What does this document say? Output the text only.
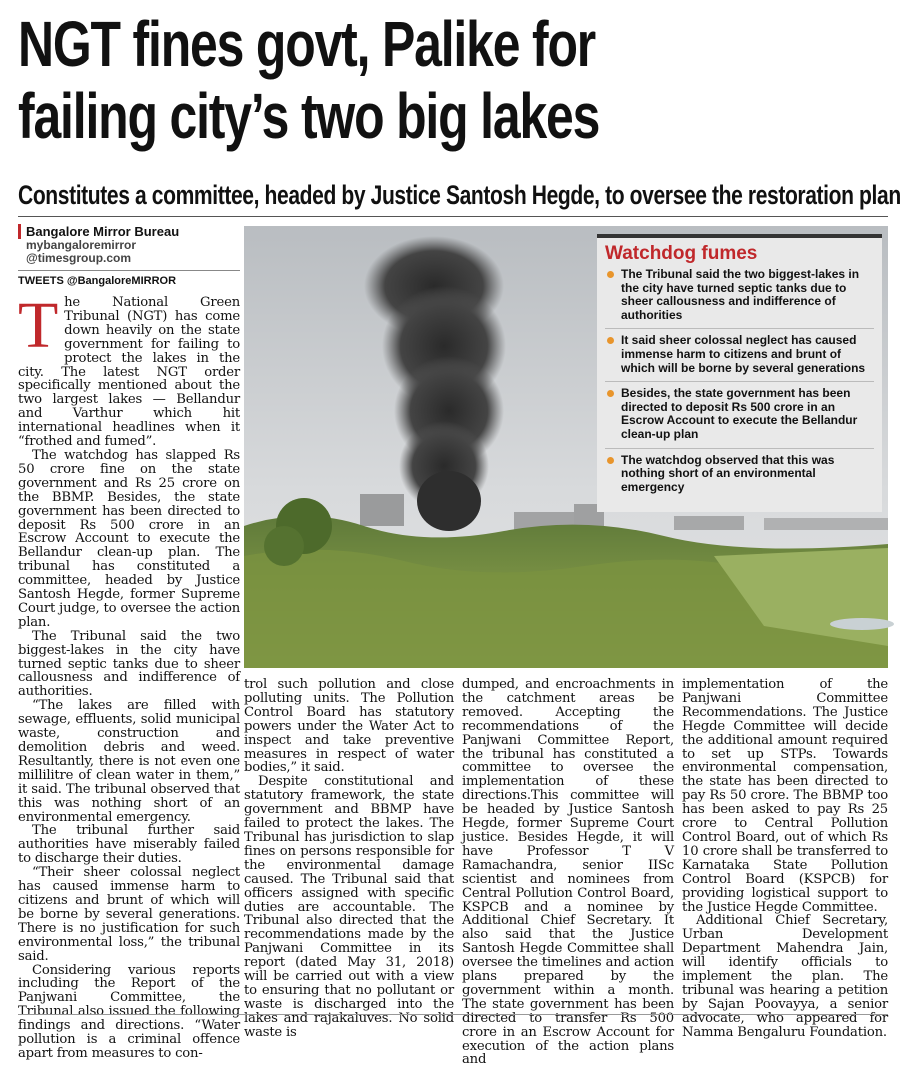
NGT fines govt, Palike for
failing city’s two big lakes
Constitutes a committee, headed by Justice Santosh Hegde, to oversee the restoration plan
Bangalore Mirror Bureau
mybangaloremirror
@timesgroup.com
TWEETS @BangaloreMIRROR

The National Green Tribunal (NGT) has come down heavily on the state government for failing to protect the lakes in the city. The latest NGT order specifically mentioned about the two largest lakes — Bellandur and Varthur which hit international headlines when it “frothed and fumed”.

The watchdog has slapped Rs 50 crore fine on the state government and Rs 25 crore on the BBMP. Besides, the state government has been directed to deposit Rs 500 crore in an Escrow Account to execute the Bellandur clean-up plan. The tribunal has constituted a committee, headed by Justice Santosh Hegde, former Supreme Court judge, to oversee the action plan.

The Tribunal said the two biggest-lakes in the city have turned septic tanks due to sheer callousness and indifference of authorities.

“The lakes are filled with sewage, effluents, solid municipal waste, construction and demolition debris and weed. Resultantly, there is not even one millilitre of clean water in them,” it said. The tribunal observed that this was nothing short of an environmental emergency.

The tribunal further said authorities have miserably failed to discharge their duties.

“Their sheer colossal neglect has caused immense harm to citizens and brunt of which will be borne by several generations. There is no justification for such environmental loss,” the tribunal said.

Considering various reports including the Report of the Panjwani Committee, the Tribunal also issued the following findings and directions. “Water pollution is a criminal offence apart from measures to con-

Watchdog fumes
The Tribunal said the two biggest-lakes in the city have turned septic tanks due to sheer callousness and indifference of authorities
It said sheer colossal neglect has caused immense harm to citizens and brunt of which will be borne by several generations
Besides, the state government has been directed to deposit Rs 500 crore in an Escrow Account to execute the Bellandur clean-up plan
The watchdog observed that this was nothing short of an environmental emergency

trol such pollution and close polluting units. The Pollution Control Board has statutory powers under the Water Act to inspect and take preventive measures in respect of water bodies,” it said.

Despite constitutional and statutory framework, the state government and BBMP have failed to protect the lakes. The Tribunal has jurisdiction to slap fines on persons responsible for the environmental damage caused. The Tribunal said that officers assigned with specific duties are accountable. The Tribunal also directed that the recommendations made by the Panjwani Committee in its report (dated May 31, 2018) will be carried out with a view to ensuring that no pollutant or waste is discharged into the lakes and rajakaluves. No solid waste is

dumped, and encroachments in the catchment areas be removed. Accepting the recommendations of the Panjwani Committee Report, the tribunal has constituted a committee to oversee the implementation of these directions.This committee will be headed by Justice Santosh Hegde, former Supreme Court justice. Besides Hegde, it will have Professor T V Ramachandra, senior IISc scientist and nominees from Central Pollution Control Board, KSPCB and a nominee by Additional Chief Secretary. It also said that the Justice Santosh Hegde Committee shall oversee the timelines and action plans prepared by the government within a month. The state government has been directed to transfer Rs 500 crore in an Escrow Account for execution of the action plans and

implementation of the Panjwani Committee Recommendations. The Justice Hegde Committee will decide the additional amount required to set up STPs. Towards environmental compensation, the state has been directed to pay Rs 50 crore. The BBMP too has been asked to pay Rs 25 crore to Central Pollution Control Board, out of which Rs 10 crore shall be transferred to Karnataka State Pollution Control Board (KSPCB) for providing logistical support to the Justice Hegde Committee.

Additional Chief Secretary, Urban Development Department Mahendra Jain, will identify officials to implement the plan. The tribunal was hearing a petition by Sajan Poovayya, a senior advocate, who appeared for Namma Bengaluru Foundation.
